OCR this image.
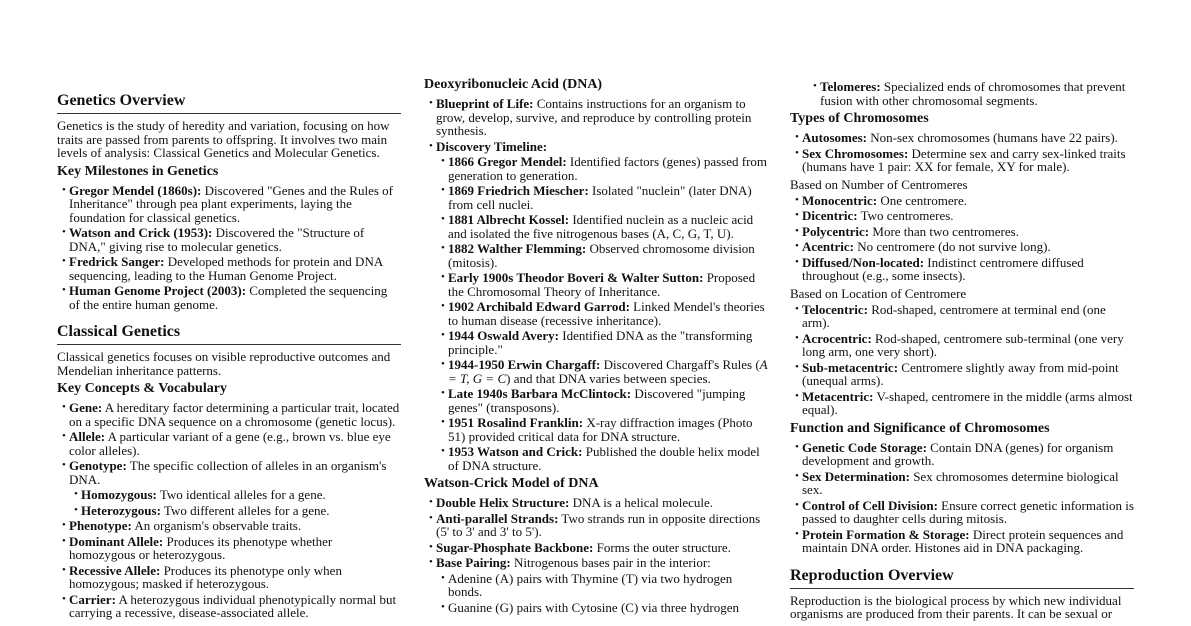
Genetics Overview

Genetics is the study of heredity and variation, focusing on how traits are passed from parents to offspring. It involves two main levels of analysis: Classical Genetics and Molecular Genetics.

Key Milestones in Genetics
• Gregor Mendel (1860s): Discovered "Genes and the Rules of Inheritance" through pea plant experiments, laying the foundation for classical genetics.
• Watson and Crick (1953): Discovered the "Structure of DNA," giving rise to molecular genetics.
• Fredrick Sanger: Developed methods for protein and DNA sequencing, leading to the Human Genome Project.
• Human Genome Project (2003): Completed the sequencing of the entire human genome.
Classical Genetics

Classical genetics focuses on visible reproductive outcomes and Mendelian inheritance patterns.

Key Concepts & Vocabulary
• Gene: A hereditary factor determining a particular trait, located on a specific DNA sequence on a chromosome (genetic locus).
• Allele: A particular variant of a gene (e.g., brown vs. blue eye color alleles).
• Genotype: The specific collection of alleles in an organism's DNA.
• Homozygous: Two identical alleles for a gene.
• Heterozygous: Two different alleles for a gene.
• Phenotype: An organism's observable traits.
• Dominant Allele: Produces its phenotype whether homozygous or heterozygous.
• Recessive Allele: Produces its phenotype only when homozygous; masked if heterozygous.
• Carrier: A heterozygous individual phenotypically normal but carrying a recessive, disease-associated allele.
Deoxyribonucleic Acid (DNA)
• Blueprint of Life: Contains instructions for an organism to grow, develop, survive, and reproduce by controlling protein synthesis.
• Discovery Timeline:
• 1866 Gregor Mendel: Identified factors (genes) passed from generation to generation.
• 1869 Friedrich Miescher: Isolated "nuclein" (later DNA) from cell nuclei.
• 1881 Albrecht Kossel: Identified nuclein as a nucleic acid and isolated the five nitrogenous bases (A, C, G, T, U).
• 1882 Walther Flemming: Observed chromosome division (mitosis).
• Early 1900s Theodor Boveri & Walter Sutton: Proposed the Chromosomal Theory of Inheritance.
• 1902 Archibald Edward Garrod: Linked Mendel's theories to human disease (recessive inheritance).
• 1944 Oswald Avery: Identified DNA as the "transforming principle."
• 1944-1950 Erwin Chargaff: Discovered Chargaff's Rules (A = T, G = C) and that DNA varies between species.
• Late 1940s Barbara McClintock: Discovered "jumping genes" (transposons).
• 1951 Rosalind Franklin: X-ray diffraction images (Photo 51) provided critical data for DNA structure.
• 1953 Watson and Crick: Published the double helix model of DNA structure.
Watson-Crick Model of DNA
• Double Helix Structure: DNA is a helical molecule.
• Anti-parallel Strands: Two strands run in opposite directions (5' to 3' and 3' to 5').
• Sugar-Phosphate Backbone: Forms the outer structure.
• Base Pairing: Nitrogenous bases pair in the interior:
• Adenine (A) pairs with Thymine (T) via two hydrogen bonds.
• Guanine (G) pairs with Cytosine (C) via three hydrogen
• Telomeres: Specialized ends of chromosomes that prevent fusion with other chromosomal segments.
Types of Chromosomes
• Autosomes: Non-sex chromosomes (humans have 22 pairs).
• Sex Chromosomes: Determine sex and carry sex-linked traits (humans have 1 pair: XX for female, XY for male).
Based on Number of Centromeres
• Monocentric: One centromere.
• Dicentric: Two centromeres.
• Polycentric: More than two centromeres.
• Acentric: No centromere (do not survive long).
• Diffused/Non-located: Indistinct centromere diffused throughout (e.g., some insects).
Based on Location of Centromere
• Telocentric: Rod-shaped, centromere at terminal end (one arm).
• Acrocentric: Rod-shaped, centromere sub-terminal (one very long arm, one very short).
• Sub-metacentric: Centromere slightly away from mid-point (unequal arms).
• Metacentric: V-shaped, centromere in the middle (arms almost equal).
Function and Significance of Chromosomes
• Genetic Code Storage: Contain DNA (genes) for organism development and growth.
• Sex Determination: Sex chromosomes determine biological sex.
• Control of Cell Division: Ensure correct genetic information is passed to daughter cells during mitosis.
• Protein Formation & Storage: Direct protein sequences and maintain DNA order. Histones aid in DNA packaging.
Reproduction Overview

Reproduction is the biological process by which new individual organisms are produced from their parents. It can be sexual or
